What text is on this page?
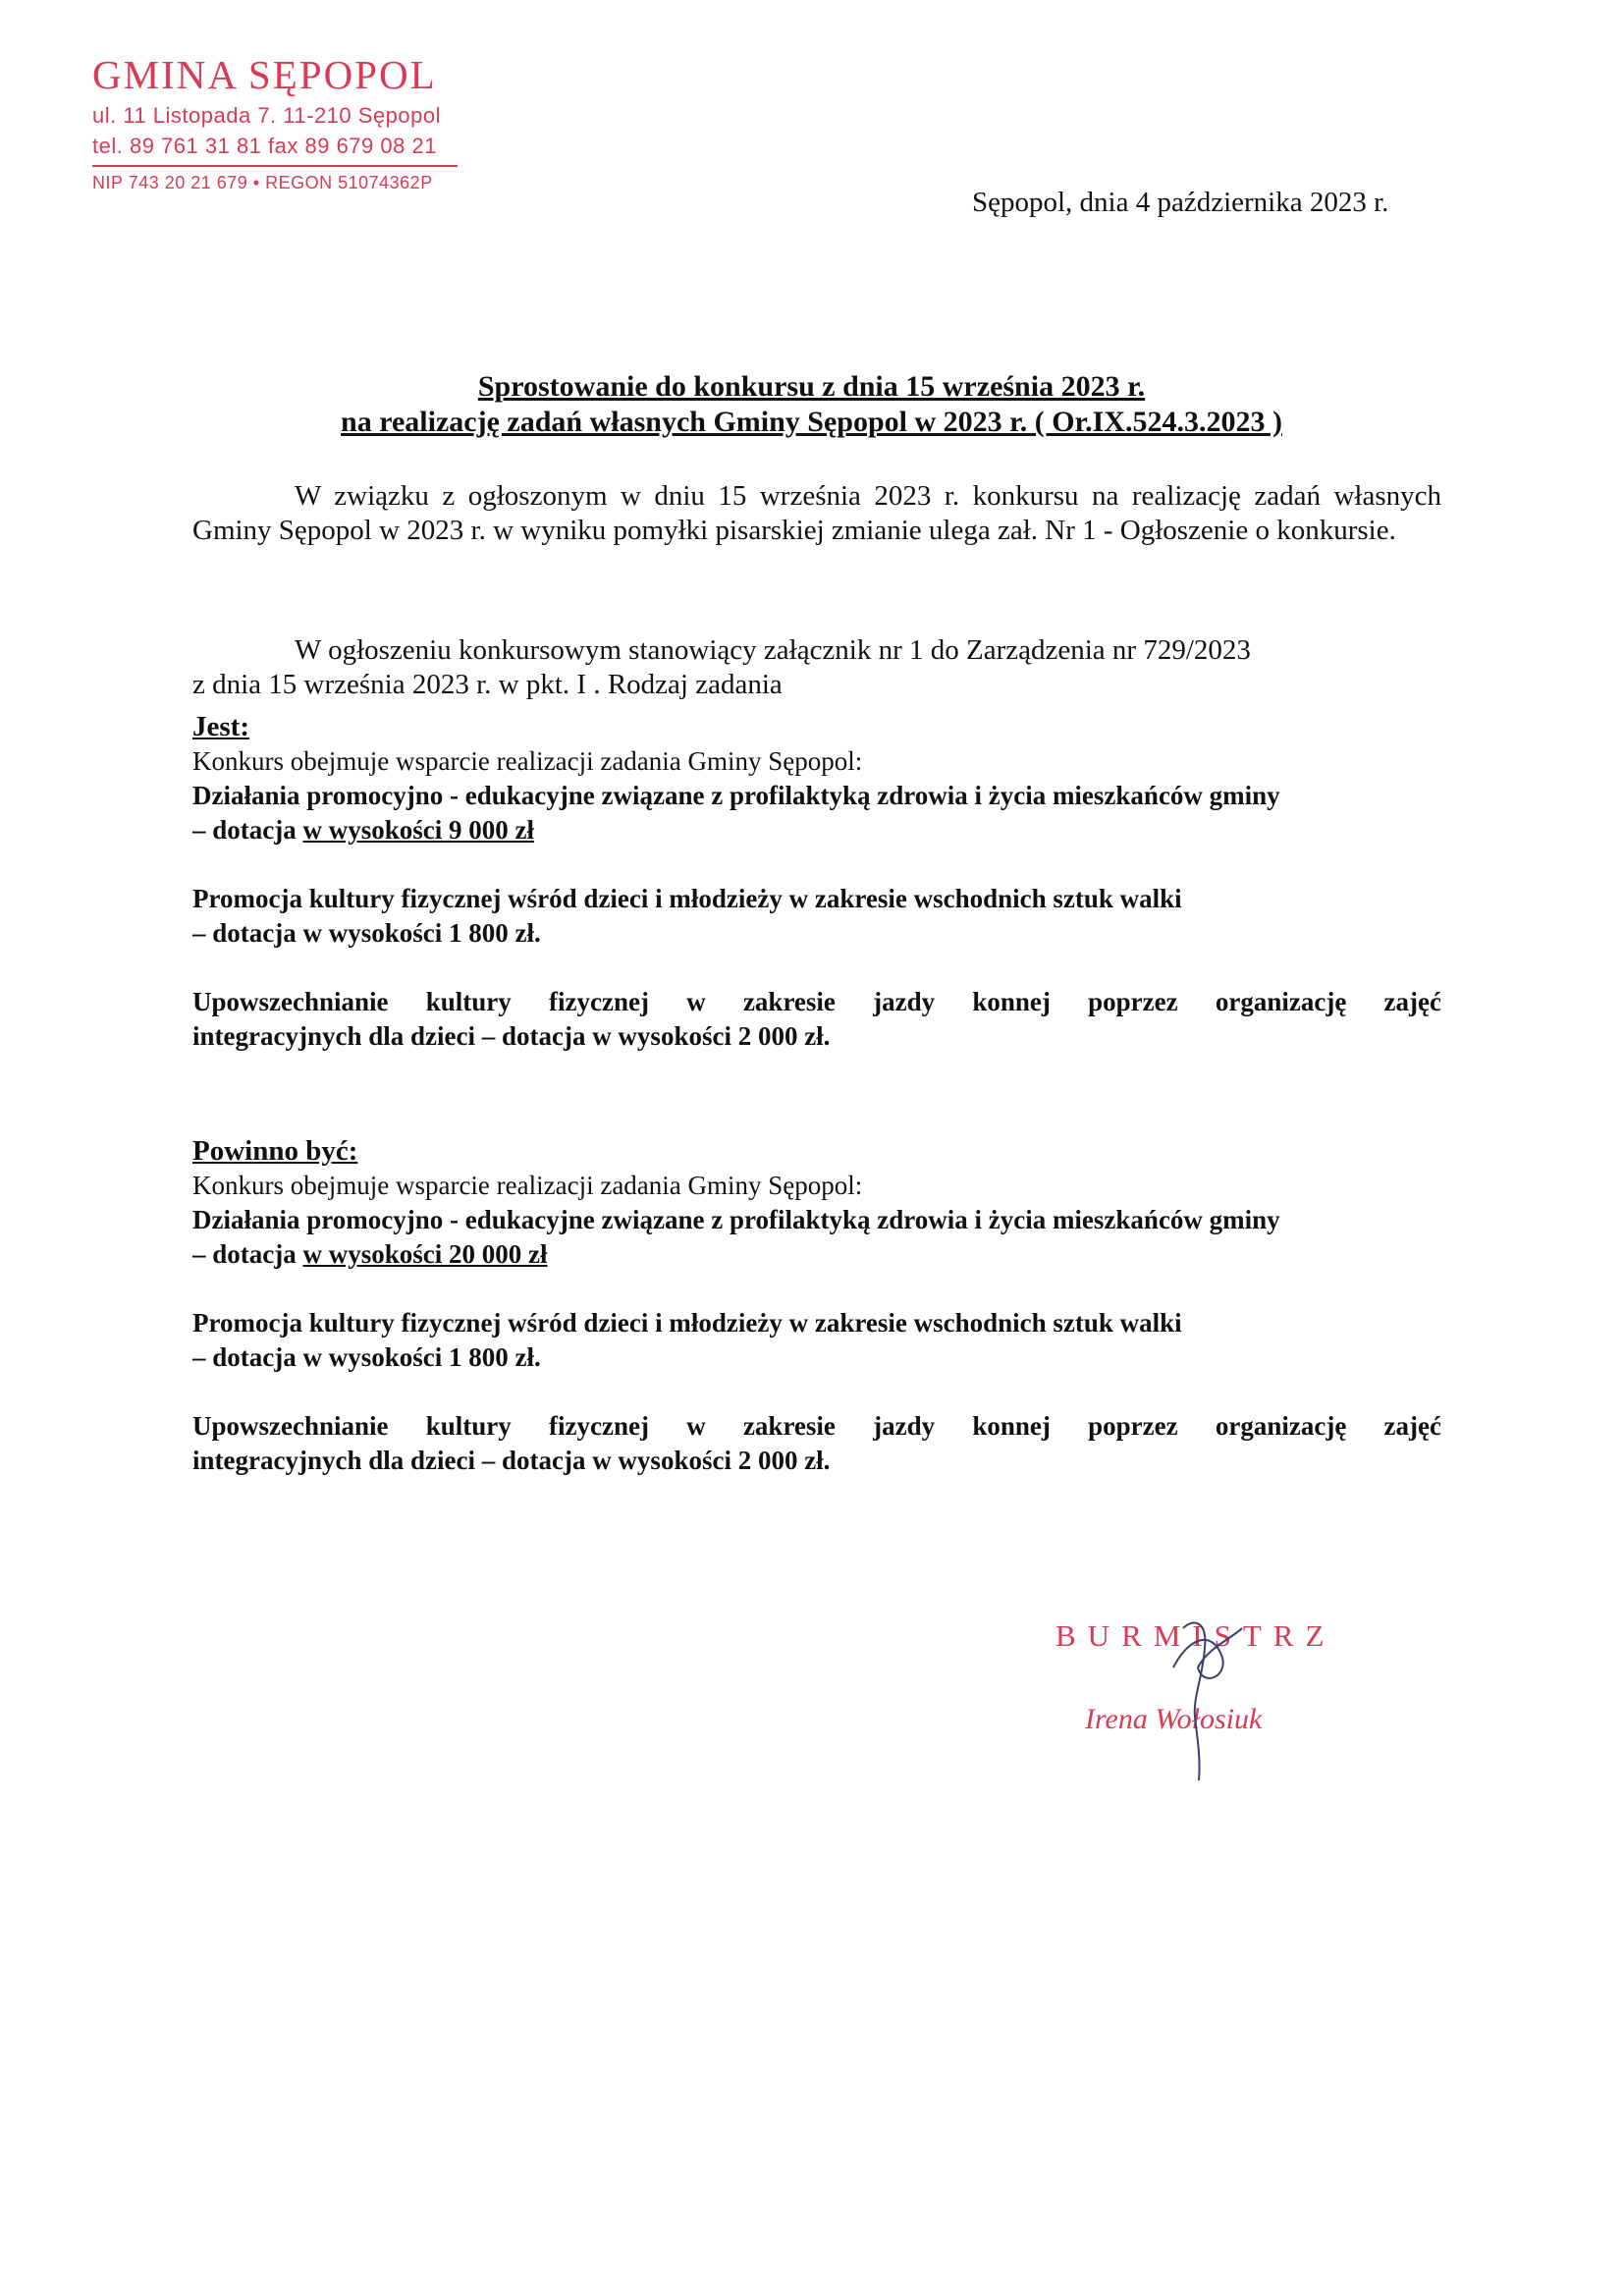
GMINA SĘPOPOL
ul. 11 Listopada 7. 11-210 Sępopol
tel. 89 761 31 81 fax 89 679 08 21
NIP 743 20 21 679 • REGON 51074362P
Sępopol, dnia 4 października 2023 r.
Sprostowanie do konkursu z dnia 15 września 2023 r.
na realizację zadań własnych Gminy Sępopol w 2023 r. ( Or.IX.524.3.2023 )

W związku z ogłoszonym w dniu 15 września 2023 r. konkursu na realizację zadań własnych Gminy Sępopol w 2023 r. w wyniku pomyłki pisarskiej zmianie ulega zał. Nr 1 - Ogłoszenie o konkursie.

W ogłoszeniu konkursowym stanowiący załącznik nr 1 do Zarządzenia nr 729/2023

z dnia 15 września 2023 r. w pkt. I . Rodzaj zadania

Jest:
Konkurs obejmuje wsparcie realizacji zadania Gminy Sępopol:
Działania promocyjno - edukacyjne związane z profilaktyką zdrowia i życia mieszkańców gminy
– dotacja w wysokości 9 000 zł
Promocja kultury fizycznej wśród dzieci i młodzieży w zakresie wschodnich sztuk walki
– dotacja w wysokości 1 800 zł.
Upowszechnianie kultury fizycznej w zakresie jazdy konnej poprzez organizację zajęć
integracyjnych dla dzieci – dotacja w wysokości 2 000 zł.
Powinno być:
Konkurs obejmuje wsparcie realizacji zadania Gminy Sępopol:
Działania promocyjno - edukacyjne związane z profilaktyką zdrowia i życia mieszkańców gminy
– dotacja w wysokości 20 000 zł
Promocja kultury fizycznej wśród dzieci i młodzieży w zakresie wschodnich sztuk walki
– dotacja w wysokości 1 800 zł.
Upowszechnianie kultury fizycznej w zakresie jazdy konnej poprzez organizację zajęć
integracyjnych dla dzieci – dotacja w wysokości 2 000 zł.
BURMISTRZ
Irena Wołosiuk
